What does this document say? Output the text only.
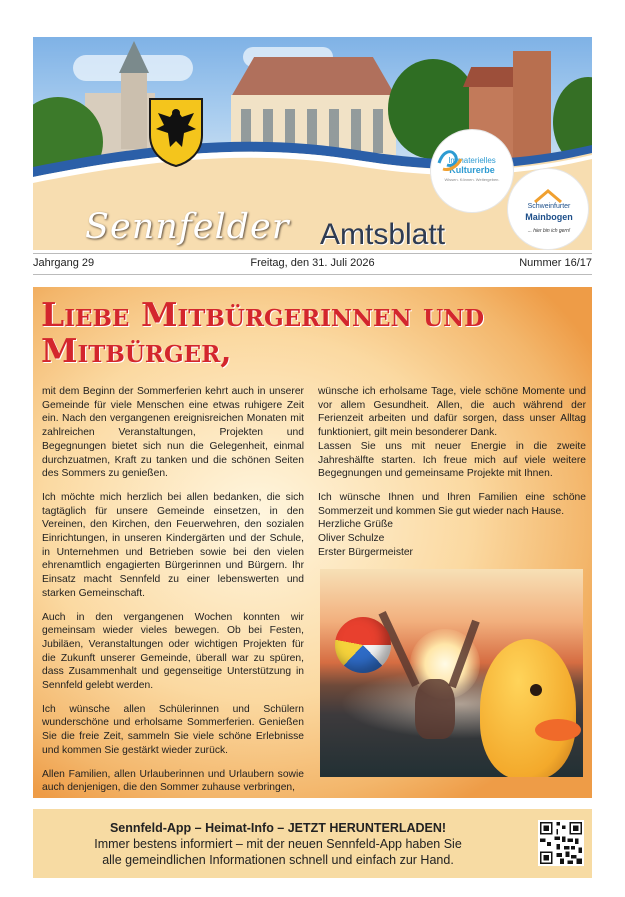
Immaterielles
Kulturerbe
Wissen. Können. Weitergeben.
Schweinfurter
Mainbogen
... hier bin ich gern!
Sennfelder Amtsblatt
Jahrgang 29	Freitag, den 31. Juli 2026	Nummer 16/17
Liebe Mitbürgerinnen und Mitbürger,

mit dem Beginn der Sommerferien kehrt auch in unserer Gemeinde für viele Menschen eine etwas ruhigere Zeit ein. Nach den vergangenen ereignisreichen Monaten mit zahlreichen Veranstaltungen, Projekten und Begegnungen bietet sich nun die Gelegenheit, einmal durchzuatmen, Kraft zu tanken und die schönen Seiten des Sommers zu genießen.

Ich möchte mich herzlich bei allen bedanken, die sich tagtäglich für unsere Gemeinde einsetzen, in den Vereinen, den Kirchen, den Feuerwehren, den sozialen Einrichtungen, in unseren Kindergärten und der Schule, in Unternehmen und Betrieben sowie bei den vielen ehrenamtlich engagierten Bürgerinnen und Bürgern. Ihr Einsatz macht Sennfeld zu einer lebenswerten und starken Gemeinschaft.

Auch in den vergangenen Wochen konnten wir gemeinsam wieder vieles bewegen. Ob bei Festen, Jubiläen, Veranstaltungen oder wichtigen Projekten für die Zukunft unserer Gemeinde, überall war zu spüren, dass Zusammenhalt und gegenseitige Unterstützung in Sennfeld gelebt werden.

Ich wünsche allen Schülerinnen und Schülern wunderschöne und erholsame Sommerferien. Genießen Sie die freie Zeit, sammeln Sie viele schöne Erlebnisse und kommen Sie gestärkt wieder zurück.

Allen Familien, allen Urlauberinnen und Urlaubern sowie auch denjenigen, die den Sommer zuhause verbringen,

wünsche ich erholsame Tage, viele schöne Momente und vor allem Gesundheit. Allen, die auch während der Ferienzeit arbeiten und dafür sorgen, dass unser Alltag funktioniert, gilt mein besonderer Dank.

Lassen Sie uns mit neuer Energie in die zweite Jahreshälfte starten. Ich freue mich auf viele weitere Begegnungen und gemeinsame Projekte mit Ihnen.

Ich wünsche Ihnen und Ihren Familien eine schöne Sommerzeit und kommen Sie gut wieder nach Hause.

Herzliche Grüße
Oliver Schulze
Erster Bürgermeister
Sennfeld-App – Heimat-Info – JETZT HERUNTERLADEN!
Immer bestens informiert – mit der neuen Sennfeld-App haben Sie
alle gemeindlichen Informationen schnell und einfach zur Hand.
